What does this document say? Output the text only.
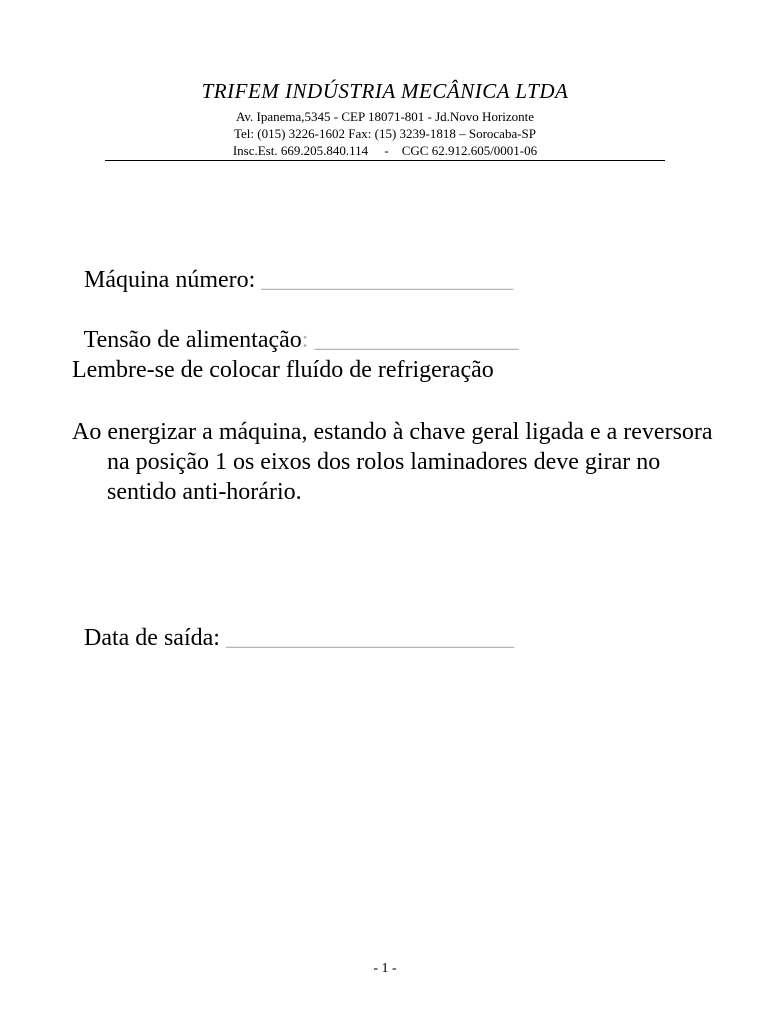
TRIFEM INDÚSTRIA MECÂNICA LTDA
Av. Ipanema,5345 - CEP 18071-801 - Jd.Novo Horizonte
Tel: (015) 3226-1602 Fax: (15) 3239-1818 – Sorocaba-SP
Insc.Est. 669.205.840.114     -    CGC 62.912.605/0001-06

Máquina número: _____________________

Tensão de alimentação: _________________

Lembre-se de colocar fluído de refrigeração
Ao energizar a máquina, estando à chave geral ligada e a reversora na posição 1 os eixos dos rolos laminadores deve girar no sentido anti-horário.

Data de saída: ________________________

- 1 -
